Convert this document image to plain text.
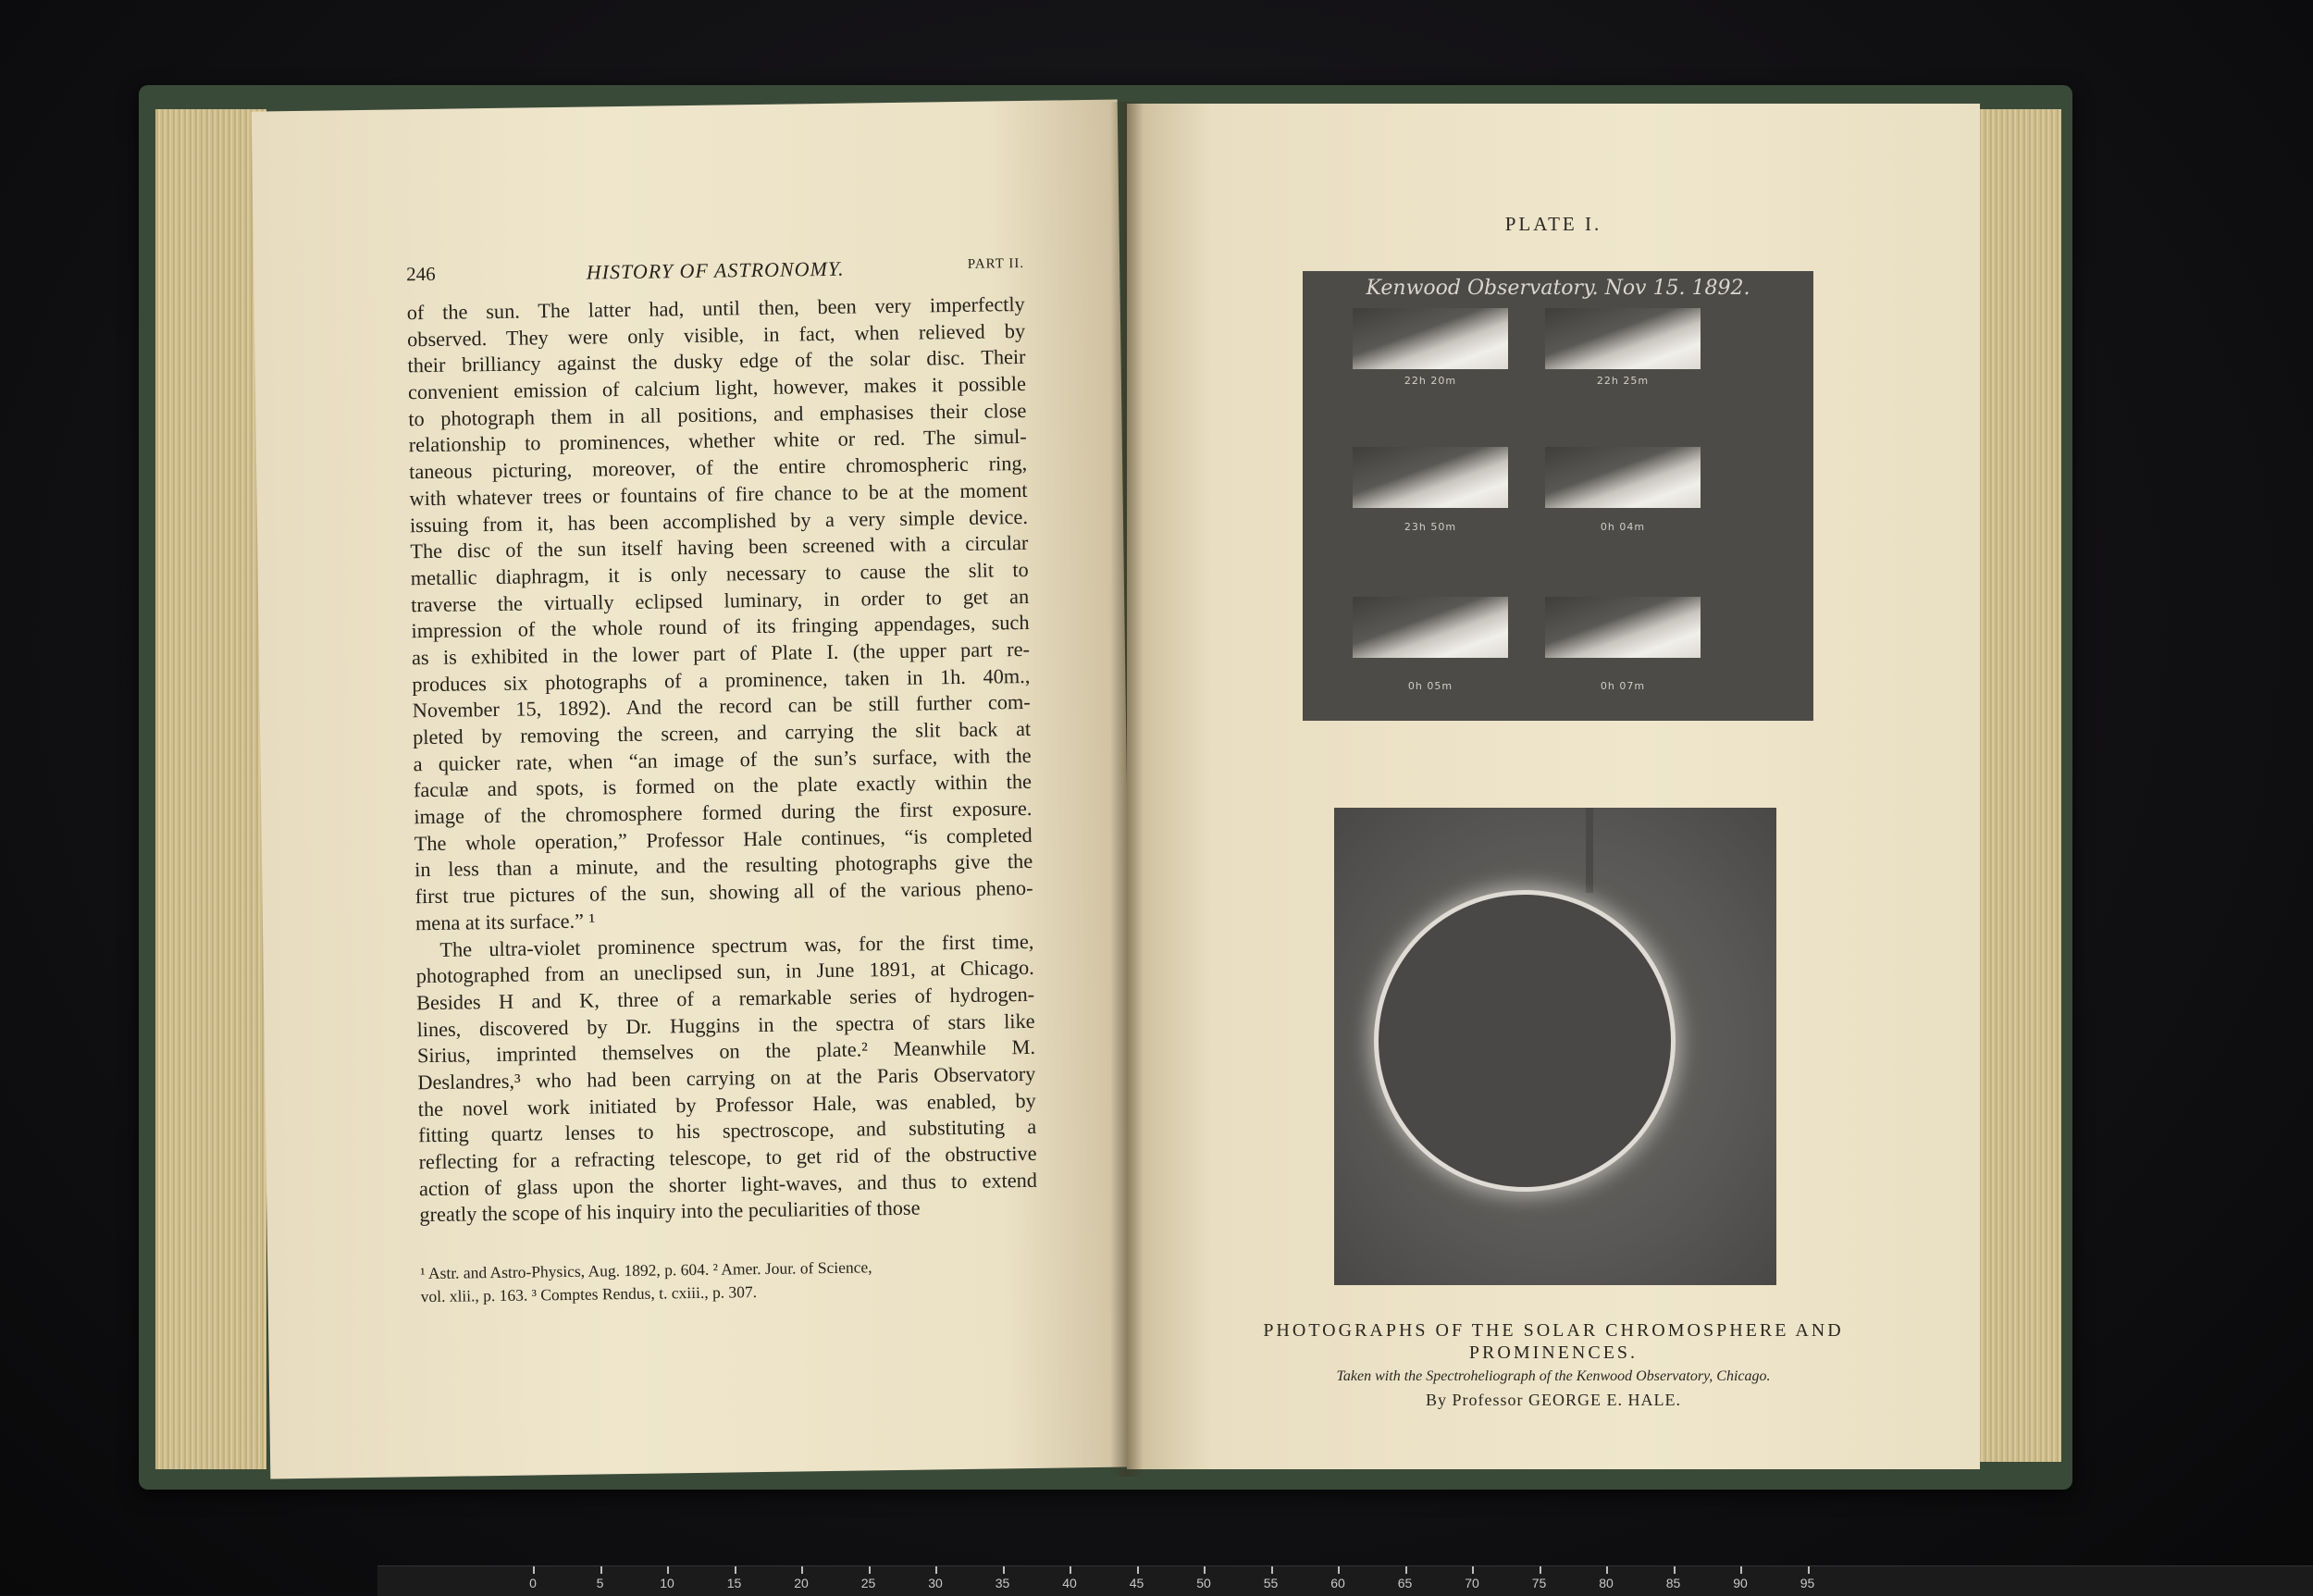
246	HISTORY OF ASTRONOMY.	PART II.
of the sun. The latter had, until then, been very imperfectly
observed. They were only visible, in fact, when relieved by
their brilliancy against the dusky edge of the solar disc. Their
convenient emission of calcium light, however, makes it possible
to photograph them in all positions, and emphasises their close
relationship to prominences, whether white or red. The simul-
taneous picturing, moreover, of the entire chromospheric ring,
with whatever trees or fountains of fire chance to be at the moment
issuing from it, has been accomplished by a very simple device.
The disc of the sun itself having been screened with a circular
metallic diaphragm, it is only necessary to cause the slit to
traverse the virtually eclipsed luminary, in order to get an
impression of the whole round of its fringing appendages, such
as is exhibited in the lower part of Plate I. (the upper part re-
produces six photographs of a prominence, taken in 1h. 40m.,
November 15, 1892). And the record can be still further com-
pleted by removing the screen, and carrying the slit back at
a quicker rate, when “an image of the sun’s surface, with the
faculæ and spots, is formed on the plate exactly within the
image of the chromosphere formed during the first exposure.
The whole operation,” Professor Hale continues, “is completed
in less than a minute, and the resulting photographs give the
first true pictures of the sun, showing all of the various pheno-
mena at its surface.” ¹
The ultra-violet prominence spectrum was, for the first time,
photographed from an uneclipsed sun, in June 1891, at Chicago.
Besides H and K, three of a remarkable series of hydrogen-
lines, discovered by Dr. Huggins in the spectra of stars like
Sirius, imprinted themselves on the plate.² Meanwhile M.
Deslandres,³ who had been carrying on at the Paris Observatory
the novel work initiated by Professor Hale, was enabled, by
fitting quartz lenses to his spectroscope, and substituting a
reflecting for a refracting telescope, to get rid of the obstructive
action of glass upon the shorter light-waves, and thus to extend
greatly the scope of his inquiry into the peculiarities of those
¹ Astr. and Astro-Physics, Aug. 1892, p. 604. ² Amer. Jour. of Science,
vol. xlii., p. 163. ³ Comptes Rendus, t. cxiii., p. 307.
PLATE I.
Kenwood Observatory. Nov 15. 1892.
22h 20m	22h 25m
23h 50m	0h 04m
0h 05m	0h 07m
PHOTOGRAPHS OF THE SOLAR CHROMOSPHERE AND
PROMINENCES.
Taken with the Spectroheliograph of the Kenwood Observatory, Chicago.
By Professor GEORGE E. HALE.
0	5	10	15	20	25	30	35	40	45	50	55	60	65	70	75	80	85	90	95
